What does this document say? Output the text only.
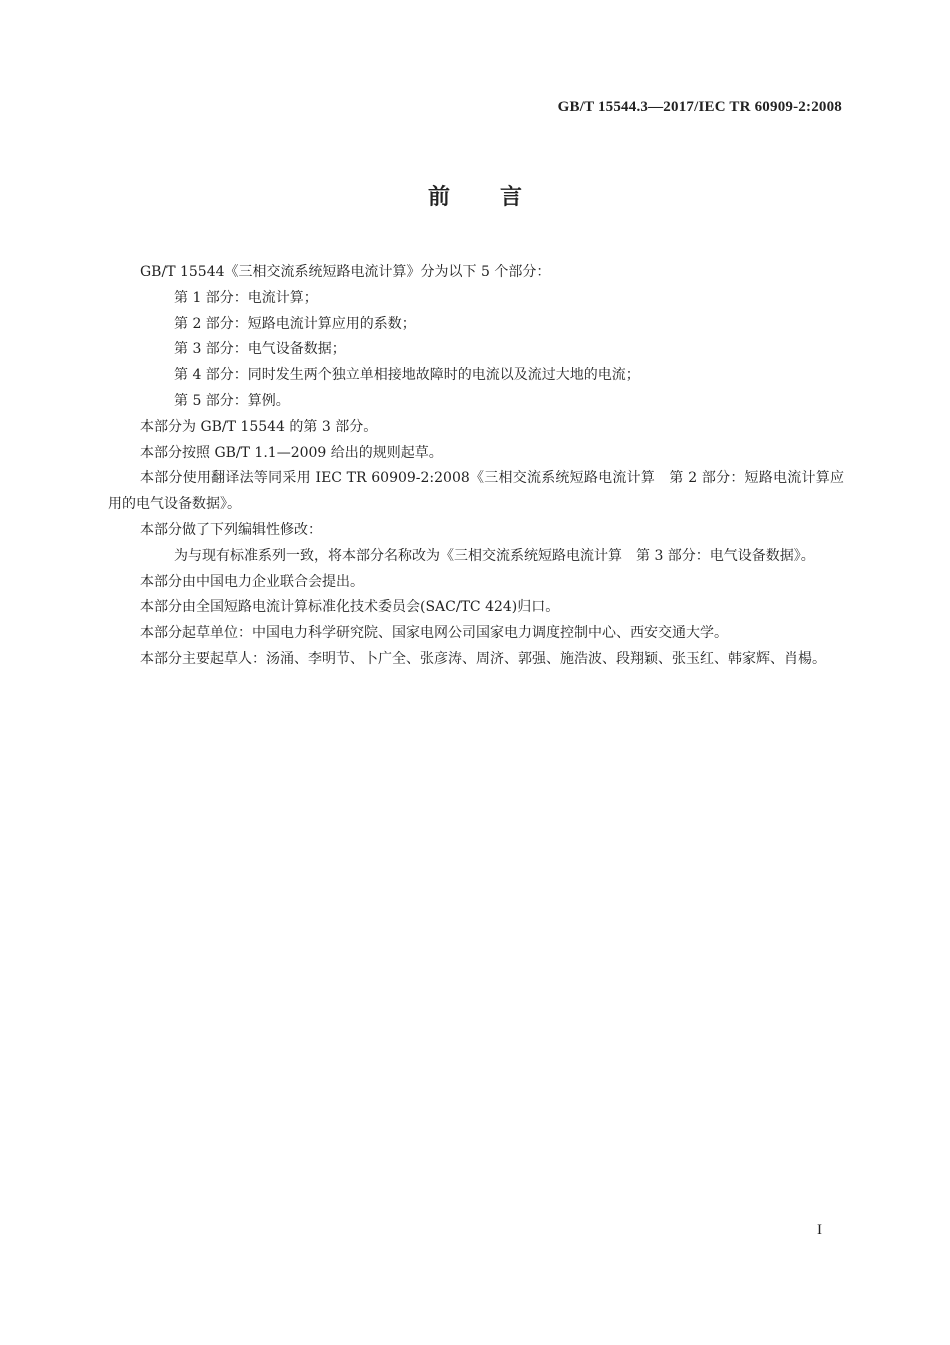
GB/T 15544.3—2017/IEC TR 60909-2:2008
前言

GB/T 15544《三相交流系统短路电流计算》分为以下 5 个部分：

第 1 部分：电流计算；

第 2 部分：短路电流计算应用的系数；

第 3 部分：电气设备数据；

第 4 部分：同时发生两个独立单相接地故障时的电流以及流过大地的电流；

第 5 部分：算例。

本部分为 GB/T 15544 的第 3 部分。

本部分按照 GB/T 1.1—2009 给出的规则起草。

本部分使用翻译法等同采用 IEC TR 60909-2:2008《三相交流系统短路电流计算　第 2 部分：短路电流计算应用的电气设备数据》。

本部分做了下列编辑性修改：

为与现有标准系列一致，将本部分名称改为《三相交流系统短路电流计算　第 3 部分：电气设备数据》。

本部分由中国电力企业联合会提出。

本部分由全国短路电流计算标准化技术委员会(SAC/TC 424)归口。

本部分起草单位：中国电力科学研究院、国家电网公司国家电力调度控制中心、西安交通大学。

本部分主要起草人：汤涌、李明节、卜广全、张彦涛、周济、郭强、施浩波、段翔颖、张玉红、韩家辉、肖楊。

I
